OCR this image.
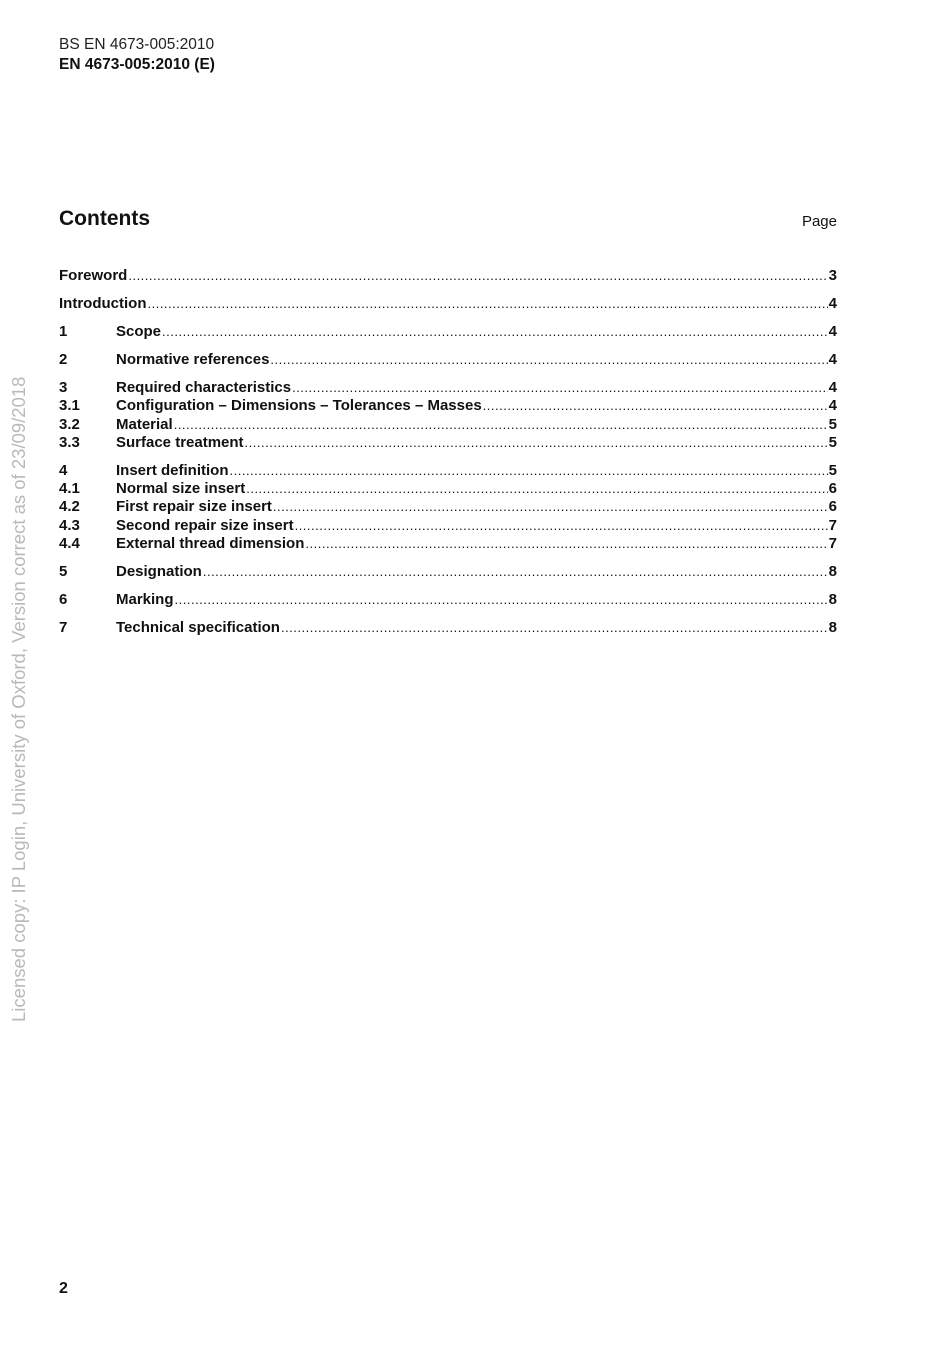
BS EN 4673-005:2010
EN 4673-005:2010 (E)
Contents	Page
Foreword .....	3
Introduction .....	4
1	Scope .....	4
2	Normative references .....	4
3	Required characteristics .....	4
3.1	Configuration – Dimensions – Tolerances – Masses .....	4
3.2	Material .....	5
3.3	Surface treatment .....	5
4	Insert definition .....	5
4.1	Normal size insert .....	6
4.2	First repair size insert .....	6
4.3	Second repair size insert .....	7
4.4	External thread dimension .....	7
5	Designation .....	8
6	Marking .....	8
7	Technical specification .....	8
Licensed copy: IP Login, University of Oxford, Version correct as of 23/09/2018
2
